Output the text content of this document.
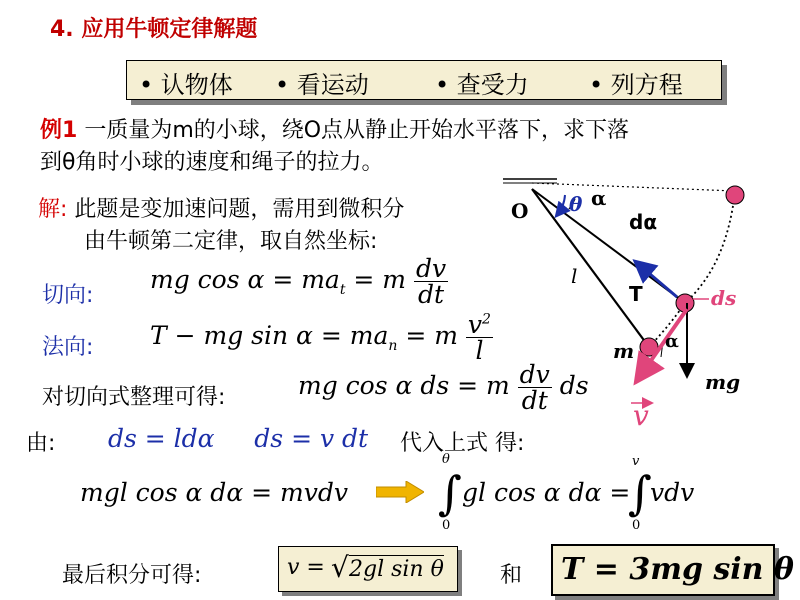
4. 应用牛顿定律解题
• 认物体 • 看运动	• 查受力	• 列方程
例1 一质量为m的小球，绕O点从静止开始水平落下，求下落
到θ角时小球的速度和绳子的拉力。
解: 此题是变加速问题，需用到微积分
由牛顿第二定律，取自然坐标:
切向:
mg $\cos \alpha = ma_t = m \frac{dv}{dt}$
法向: T − mg $\sin \alpha = ma_n = m \frac{v^2}{l}$
对切向式整理可得:	mg cos α ds = m $\frac{dv}{dt}$ ds
由: ds = ldα     ds = v dt 代入上式 得:
mgl cos α dα = mvdv
θ
∫
0
gl cos α dα =
v
∫
0
vdv
最后积分可得:	v = √ 2gl sin θ	和 T = 3mg sin θ
O θ α
dα
l
T	ds
m α
mg
v
